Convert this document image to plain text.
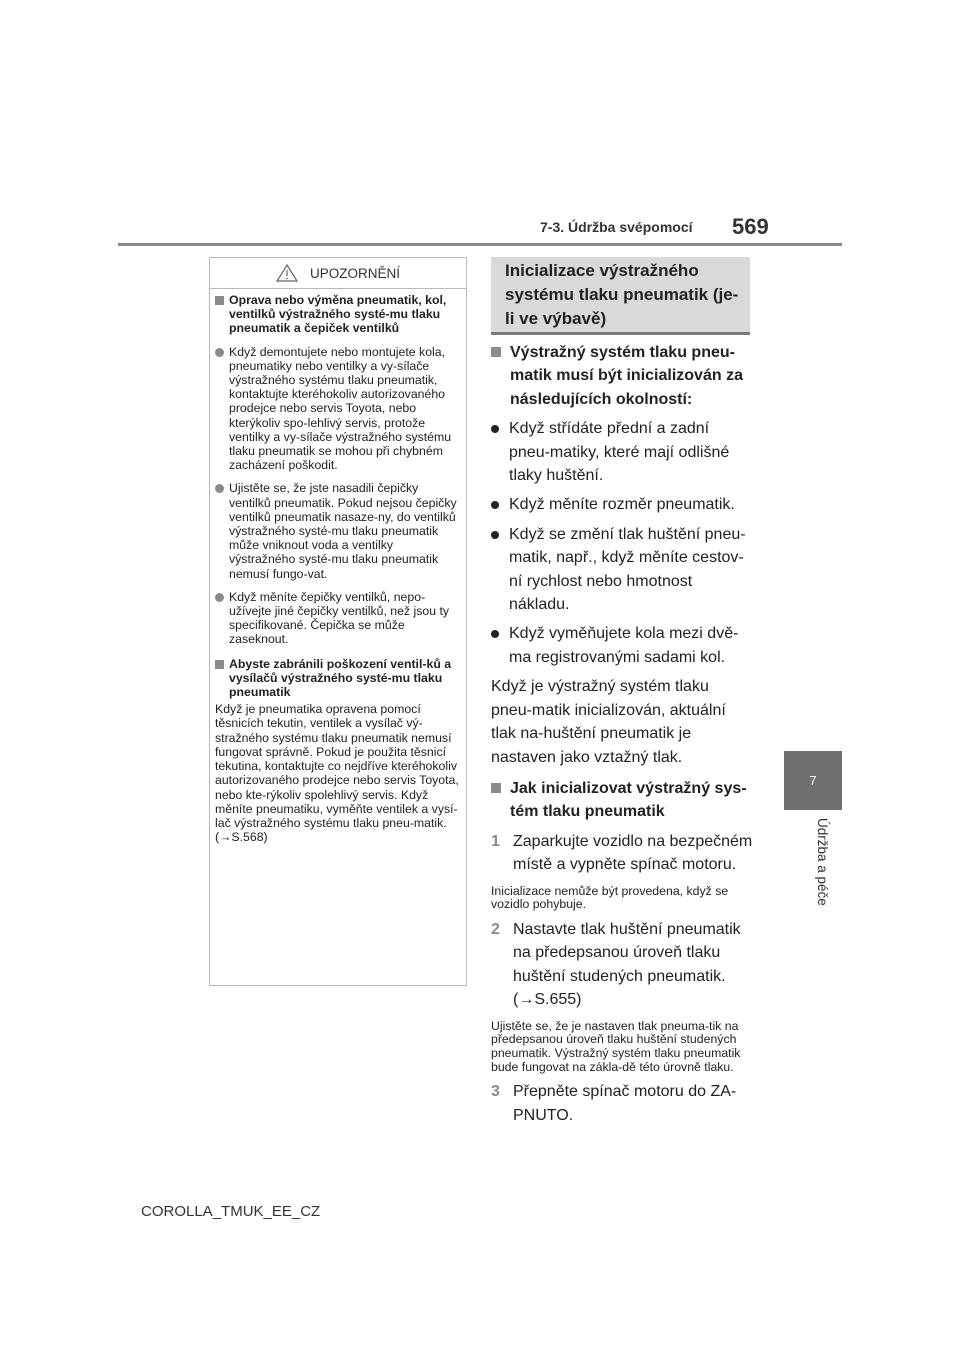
7-3. Údržba svépomocí 569
7
Údržba a péče
UPOZORNĚNÍ
Oprava nebo výměna pneumatik, kol, ventilků výstražného systé-mu tlaku pneumatik a čepiček ventilků
Když demontujete nebo montujete kola, pneumatiky nebo ventilky a vy-sílače výstražného systému tlaku pneumatik, kontaktujte kteréhokoliv autorizovaného prodejce nebo servis Toyota, nebo kterýkoliv spo-lehlivý servis, protože ventilky a vy-sílače výstražného systému tlaku pneumatik se mohou při chybném zacházení poškodit.
Ujistěte se, že jste nasadili čepičky ventilků pneumatik. Pokud nejsou čepičky ventilků pneumatik nasaze-ny, do ventilků výstražného systé-mu tlaku pneumatik může vniknout voda a ventilky výstražného systé-mu tlaku pneumatik nemusí fungo-vat.
Když měníte čepičky ventilků, nepo-užívejte jiné čepičky ventilků, než jsou ty specifikované. Čepička se může zaseknout.
Abyste zabránili poškození ventil-ků a vysílačů výstražného systé-mu tlaku pneumatik
Když je pneumatika opravena pomocí těsnicích tekutin, ventilek a vysílač vý-stražného systému tlaku pneumatik nemusí fungovat správně. Pokud je použita těsnicí tekutina, kontaktujte co nejdříve kteréhokoliv autorizovaného prodejce nebo servis Toyota, nebo kte-rýkoliv spolehlivý servis. Když měníte pneumatiku, vyměňte ventilek a vysí-lač výstražného systému tlaku pneu-matik. (→S.568)
Inicializace výstražného systému tlaku pneumatik (je-li ve výbavě)
Výstražný systém tlaku pneu-matik musí být inicializován za následujících okolností:
Když střídáte přední a zadní pneu-matiky, které mají odlišné tlaky huštění.
Když měníte rozměr pneumatik.
Když se změní tlak huštění pneu-matik, např., když měníte cestov-ní rychlost nebo hmotnost nákladu.
Když vyměňujete kola mezi dvě-ma registrovanými sadami kol.
Když je výstražný systém tlaku pneu-matik inicializován, aktuální tlak na-huštění pneumatik je nastaven jako vztažný tlak.
Jak inicializovat výstražný sys-tém tlaku pneumatik
1 Zaparkujte vozidlo na bezpečném místě a vypněte spínač motoru.
Inicializace nemůže být provedena, když se vozidlo pohybuje.
2 Nastavte tlak huštění pneumatik na předepsanou úroveň tlaku huštění studených pneumatik. (→S.655)
Ujistěte se, že je nastaven tlak pneuma-tik na předepsanou úroveň tlaku huštění studených pneumatik. Výstražný systém tlaku pneumatik bude fungovat na zákla-dě této úrovně tlaku.
3 Přepněte spínač motoru do ZA-PNUTO.
COROLLA_TMUK_EE_CZ
